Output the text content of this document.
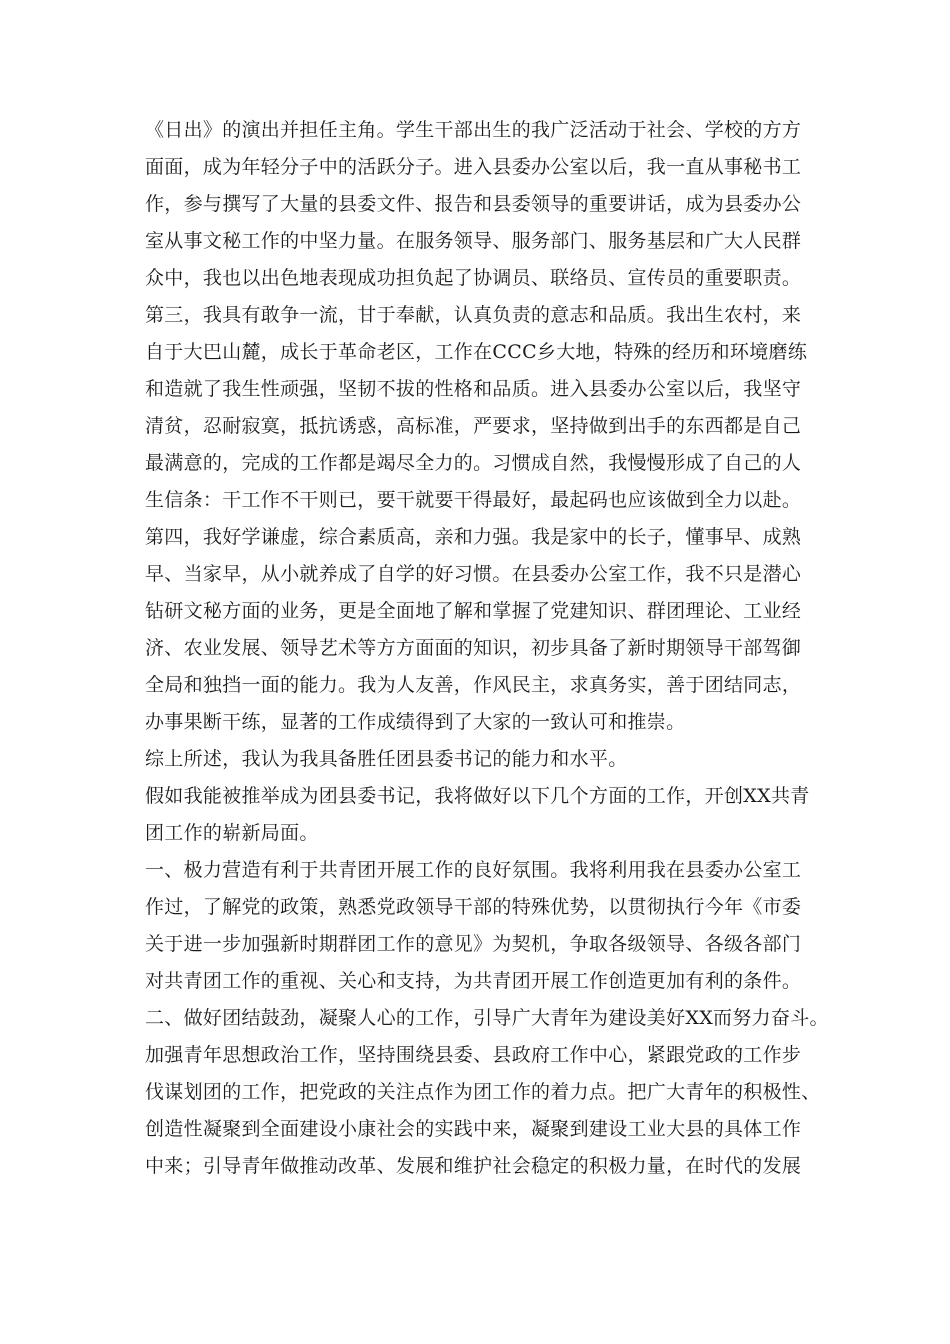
《日出》的演出并担任主角。学生干部出生的我广泛活动于社会、学校的方方
面面，成为年轻分子中的活跃分子。进入县委办公室以后，我一直从事秘书工
作，参与撰写了大量的县委文件、报告和县委领导的重要讲话，成为县委办公
室从事文秘工作的中坚力量。在服务领导、服务部门、服务基层和广大人民群
众中，我也以出色地表现成功担负起了协调员、联络员、宣传员的重要职责。
第三，我具有敢争一流，甘于奉献，认真负责的意志和品质。我出生农村，来
自于大巴山麓，成长于革命老区，工作在CCC乡大地，特殊的经历和环境磨练
和造就了我生性顽强，坚韧不拔的性格和品质。进入县委办公室以后，我坚守
清贫，忍耐寂寞，抵抗诱惑，高标准，严要求，坚持做到出手的东西都是自己
最满意的，完成的工作都是竭尽全力的。习惯成自然，我慢慢形成了自己的人
生信条：干工作不干则已，要干就要干得最好，最起码也应该做到全力以赴。
第四，我好学谦虚，综合素质高，亲和力强。我是家中的长子，懂事早、成熟
早、当家早，从小就养成了自学的好习惯。在县委办公室工作，我不只是潜心
钻研文秘方面的业务，更是全面地了解和掌握了党建知识、群团理论、工业经
济、农业发展、领导艺术等方方面面的知识，初步具备了新时期领导干部驾御
全局和独挡一面的能力。我为人友善，作风民主，求真务实，善于团结同志，
办事果断干练，显著的工作成绩得到了大家的一致认可和推崇。
综上所述，我认为我具备胜任团县委书记的能力和水平。
假如我能被推举成为团县委书记，我将做好以下几个方面的工作，开创XX共青
团工作的崭新局面。
一、极力营造有利于共青团开展工作的良好氛围。我将利用我在县委办公室工
作过，了解党的政策，熟悉党政领导干部的特殊优势，以贯彻执行今年《市委
关于进一步加强新时期群团工作的意见》为契机，争取各级领导、各级各部门
对共青团工作的重视、关心和支持，为共青团开展工作创造更加有利的条件。
二、做好团结鼓劲，凝聚人心的工作，引导广大青年为建设美好XX而努力奋斗。
加强青年思想政治工作，坚持围绕县委、县政府工作中心，紧跟党政的工作步
伐谋划团的工作，把党政的关注点作为团工作的着力点。把广大青年的积极性、
创造性凝聚到全面建设小康社会的实践中来，凝聚到建设工业大县的具体工作
中来；引导青年做推动改革、发展和维护社会稳定的积极力量，在时代的发展
